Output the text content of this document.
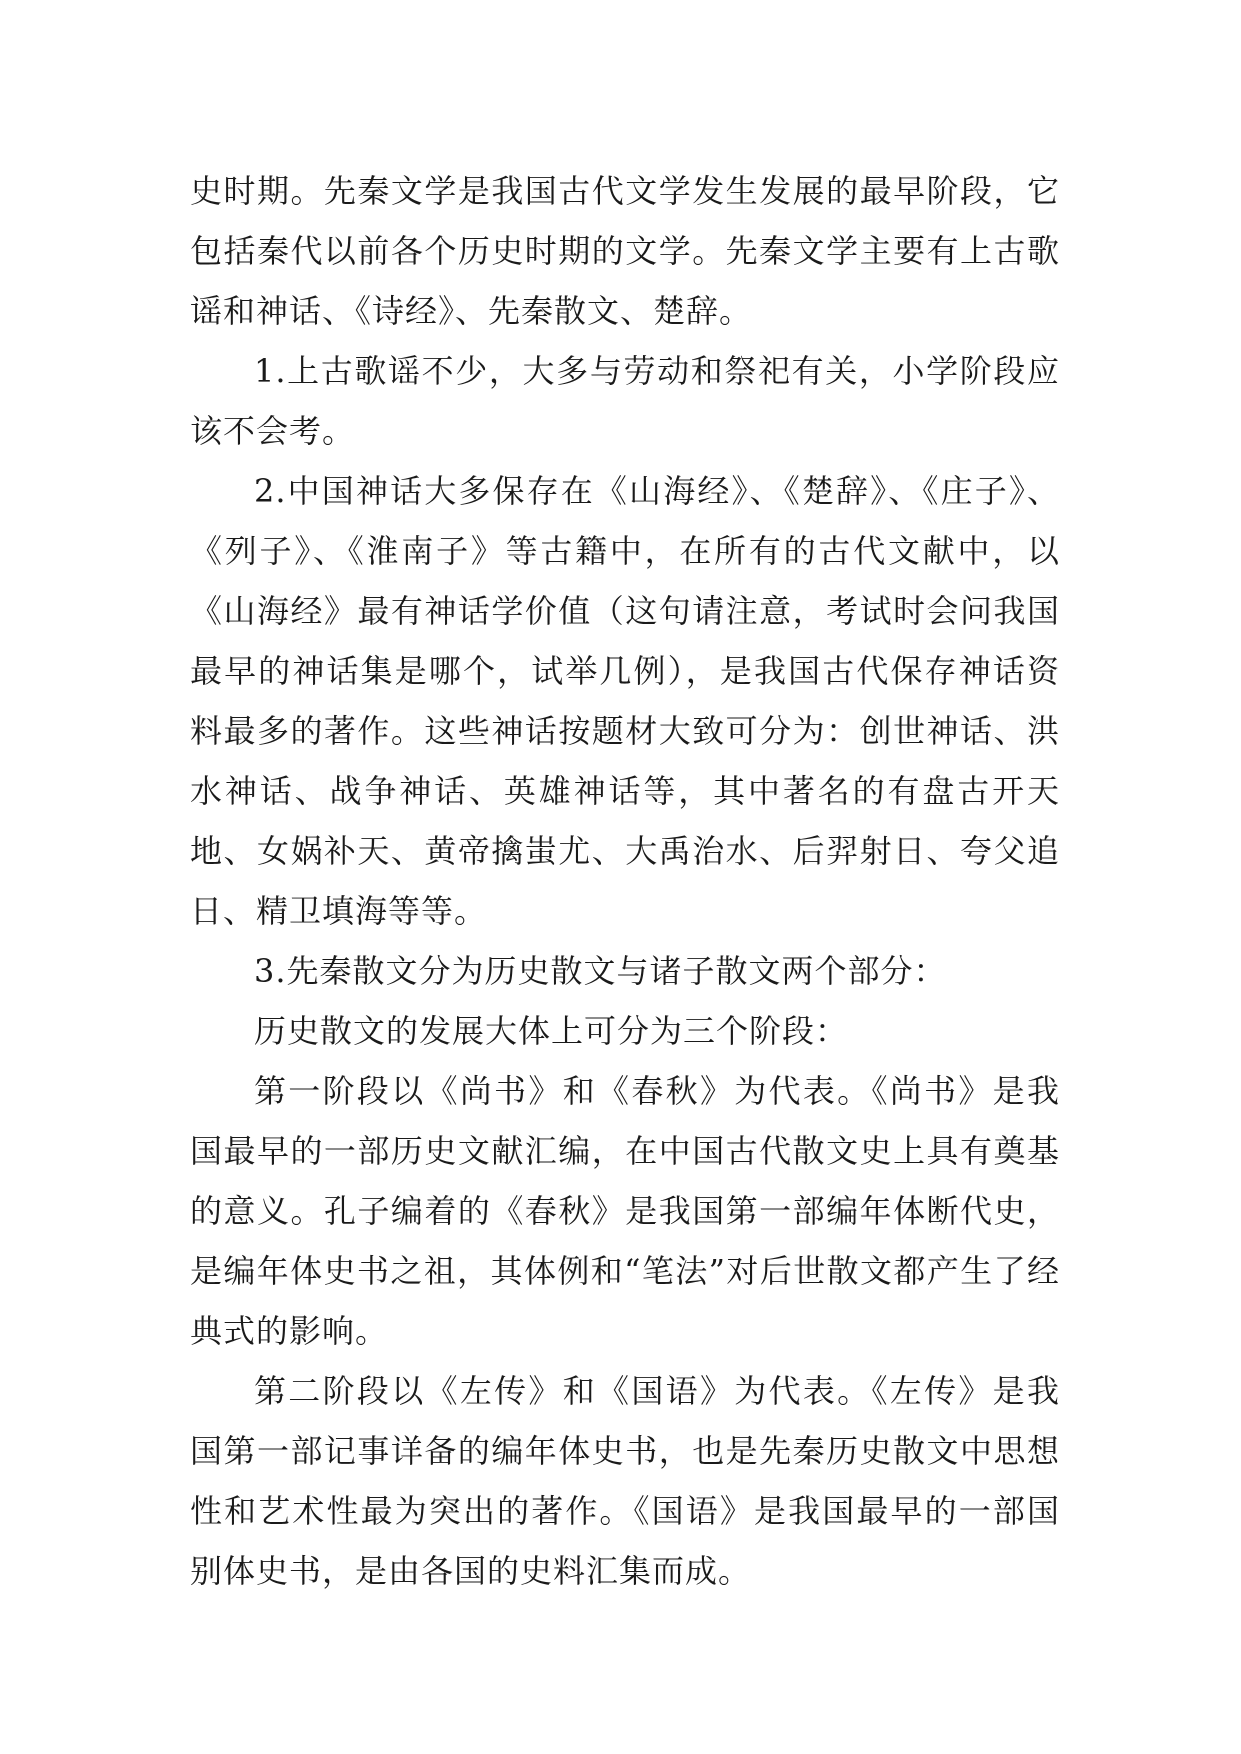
史时期。先秦文学是我国古代文学发生发展的最早阶段，它包括秦代以前各个历史时期的文学。先秦文学主要有上古歌谣和神话、《诗经》、先秦散文、楚辞。

1.上古歌谣不少，大多与劳动和祭祀有关，小学阶段应该不会考。

2.中国神话大多保存在《山海经》、《楚辞》、《庄子》、《列子》、《淮南子》等古籍中，在所有的古代文献中，以《山海经》最有神话学价值（这句请注意，考试时会问我国最早的神话集是哪个，试举几例），是我国古代保存神话资料最多的著作。这些神话按题材大致可分为：创世神话、洪水神话、战争神话、英雄神话等，其中著名的有盘古开天地、女娲补天、黄帝擒蚩尤、大禹治水、后羿射日、夸父追日、精卫填海等等。

3.先秦散文分为历史散文与诸子散文两个部分：

历史散文的发展大体上可分为三个阶段：

第一阶段以《尚书》和《春秋》为代表。《尚书》是我国最早的一部历史文献汇编，在中国古代散文史上具有奠基的意义。孔子编着的《春秋》是我国第一部编年体断代史，是编年体史书之祖，其体例和“笔法”对后世散文都产生了经典式的影响。

第二阶段以《左传》和《国语》为代表。《左传》是我国第一部记事详备的编年体史书，也是先秦历史散文中思想性和艺术性最为突出的著作。《国语》是我国最早的一部国别体史书，是由各国的史料汇集而成。
